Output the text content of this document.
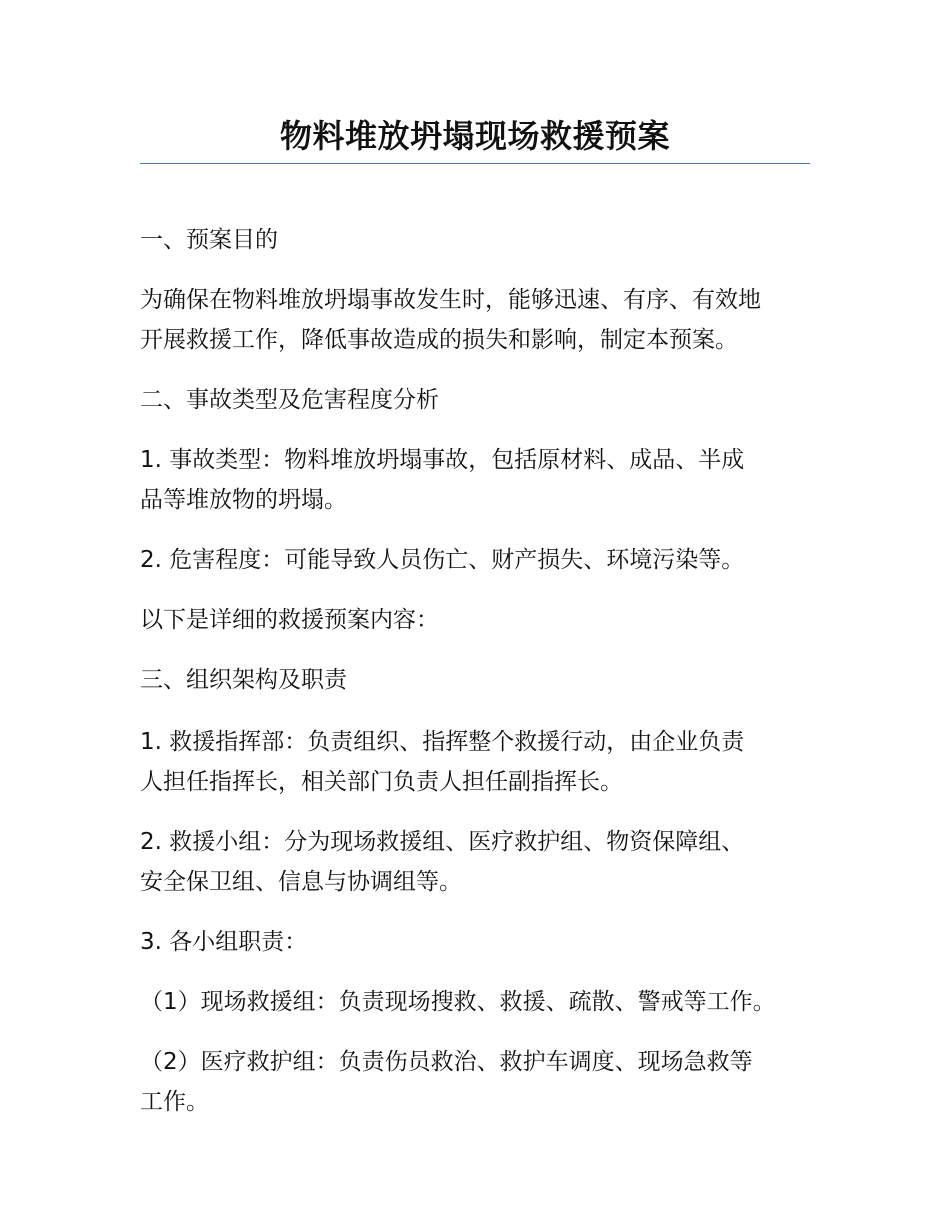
物料堆放坍塌现场救援预案
一、预案目的
为确保在物料堆放坍塌事故发生时，能够迅速、有序、有效地
开展救援工作，降低事故造成的损失和影响，制定本预案。
二、事故类型及危害程度分析
1. 事故类型：物料堆放坍塌事故，包括原材料、成品、半成
品等堆放物的坍塌。
2. 危害程度：可能导致人员伤亡、财产损失、环境污染等。
以下是详细的救援预案内容：
三、组织架构及职责
1. 救援指挥部：负责组织、指挥整个救援行动，由企业负责
人担任指挥长，相关部门负责人担任副指挥长。
2. 救援小组：分为现场救援组、医疗救护组、物资保障组、
安全保卫组、信息与协调组等。
3. 各小组职责：
（1）现场救援组：负责现场搜救、救援、疏散、警戒等工作。
（2）医疗救护组：负责伤员救治、救护车调度、现场急救等
工作。
